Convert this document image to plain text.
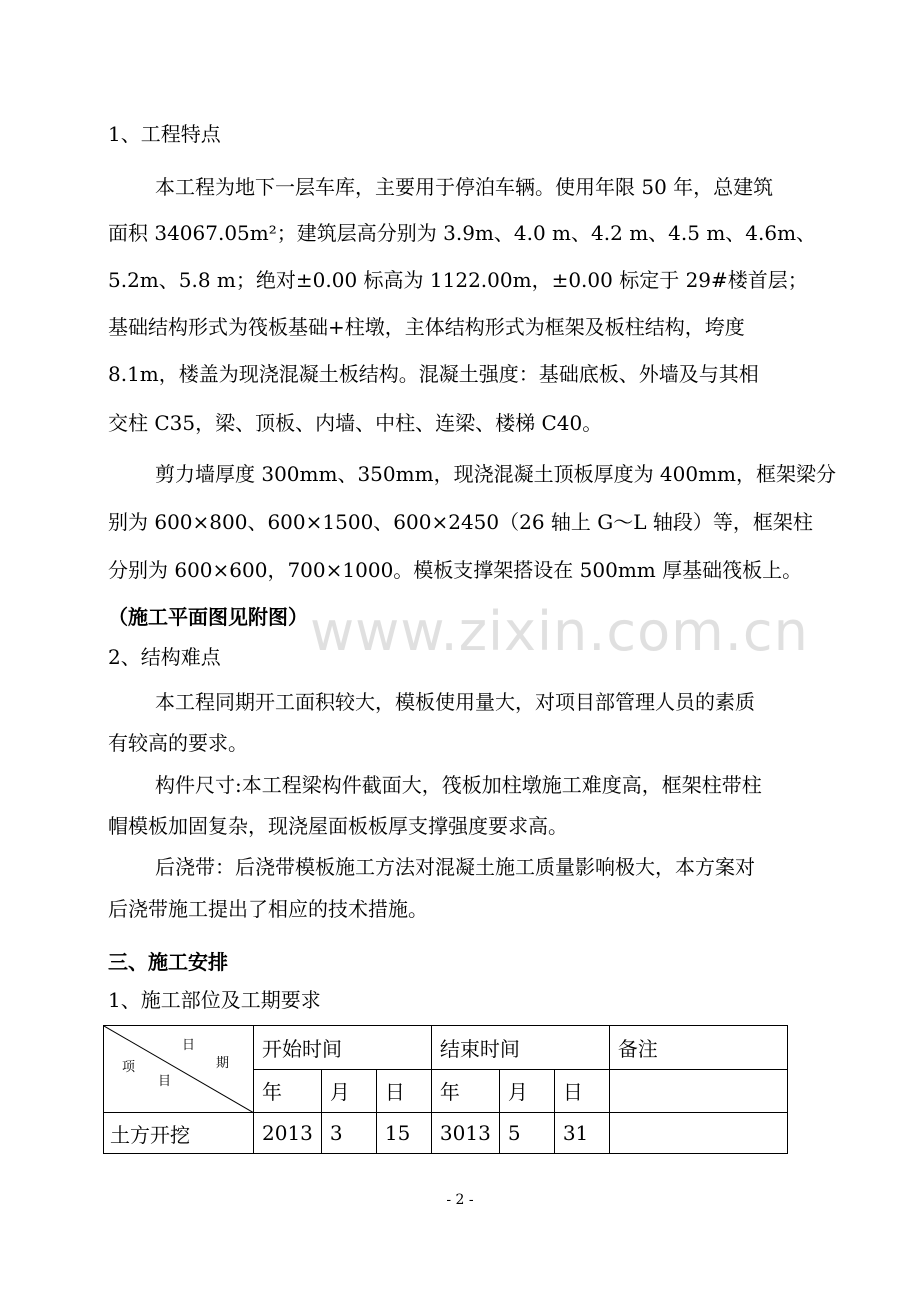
1、工程特点
本工程为地下一层车库，主要用于停泊车辆。使用年限 50 年，总建筑
面积 34067.05m²；建筑层高分别为 3.9m、4.0 m、4.2 m、4.5 m、4.6m、
5.2m、5.8 m；绝对±0.00 标高为 1122.00m，±0.00 标定于 29#楼首层；
基础结构形式为筏板基础+柱墩，主体结构形式为框架及板柱结构，垮度
8.1m，楼盖为现浇混凝土板结构。混凝土强度：基础底板、外墙及与其相
交柱 C35，梁、顶板、内墙、中柱、连梁、楼梯 C40。
剪力墙厚度 300mm、350mm，现浇混凝土顶板厚度为 400mm，框架梁分
别为 600×800、600×1500、600×2450（26 轴上 G～L 轴段）等，框架柱
分别为 600×600，700×1000。模板支撑架搭设在 500mm 厚基础筏板上。
（施工平面图见附图）
2、结构难点
本工程同期开工面积较大，模板使用量大，对项目部管理人员的素质
有较高的要求。
构件尺寸:本工程梁构件截面大，筏板加柱墩施工难度高，框架柱带柱
帽模板加固复杂，现浇屋面板板厚支撑强度要求高。
后浇带：后浇带模板施工方法对混凝土施工质量影响极大，本方案对
后浇带施工提出了相应的技术措施。
三、施工安排
1、施工部位及工期要求
www.zixin.com.cn
日
期
项
目	开始时间			结束时间			备注
	年	月	日	年	月	日	
土方开挖	2013	3	15	3013	5	31	
- 2 -
